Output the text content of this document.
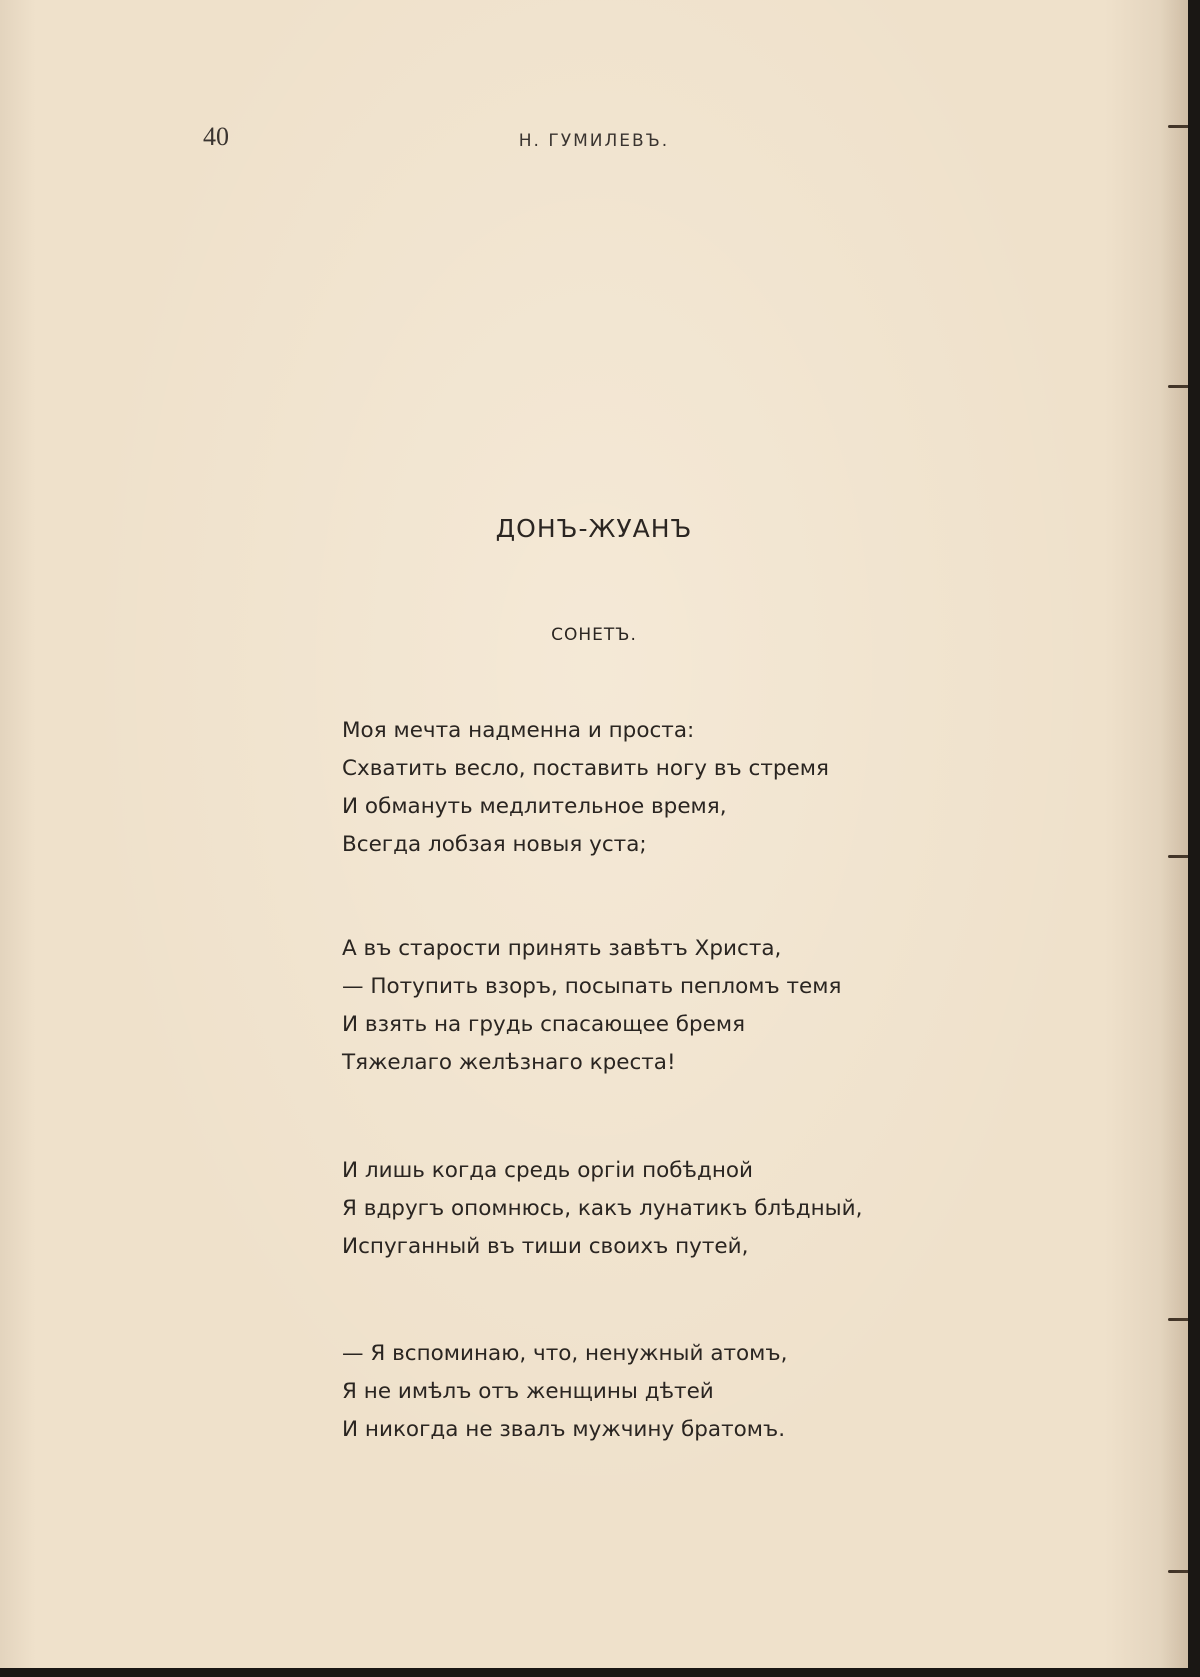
40	Н. ГУМИЛЕВЪ.
ДОНЪ-ЖУАНЪ
СОНЕТЪ.
Моя мечта надменна и проста:
Схватить весло, поставить ногу въ стремя
И обмануть медлительное время,
Всегда лобзая новыя уста;
А въ старости принять завѣтъ Христа,
— Потупить взоръ, посыпать пепломъ темя
И взять на грудь спасающее бремя
Тяжелаго желѣзнаго креста!
И лишь когда средь оргіи побѣдной
Я вдругъ опомнюсь, какъ лунатикъ блѣдный,
Испуганный въ тиши своихъ путей,
— Я вспоминаю, что, ненужный атомъ,
Я не имѣлъ отъ женщины дѣтей
И никогда не звалъ мужчину братомъ.
